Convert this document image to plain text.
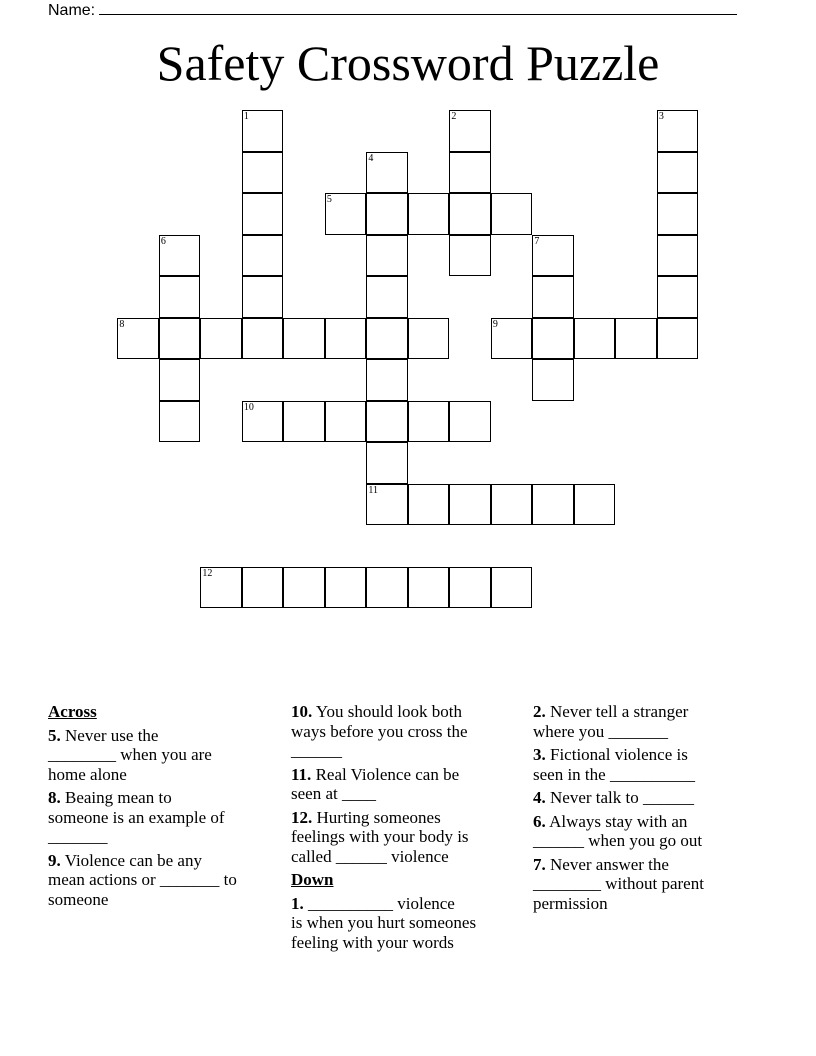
Name:
Safety Crossword Puzzle
1	2	3
4
5
6	7
8	9
10
11
12
Across
5. Never use the
________ when you are
home alone
8. Beaing mean to
someone is an example of
_______
9. Violence can be any
mean actions or _______ to
someone
10. You should look both
ways before you cross the
______
11. Real Violence can be
seen at ____
12. Hurting someones
feelings with your body is
called ______ violence
Down
1. __________ violence
is when you hurt someones
feeling with your words
2. Never tell a stranger
where you _______
3. Fictional violence is
seen in the __________
4. Never talk to ______
6. Always stay with an
______ when you go out
7. Never answer the
________ without parent
permission
